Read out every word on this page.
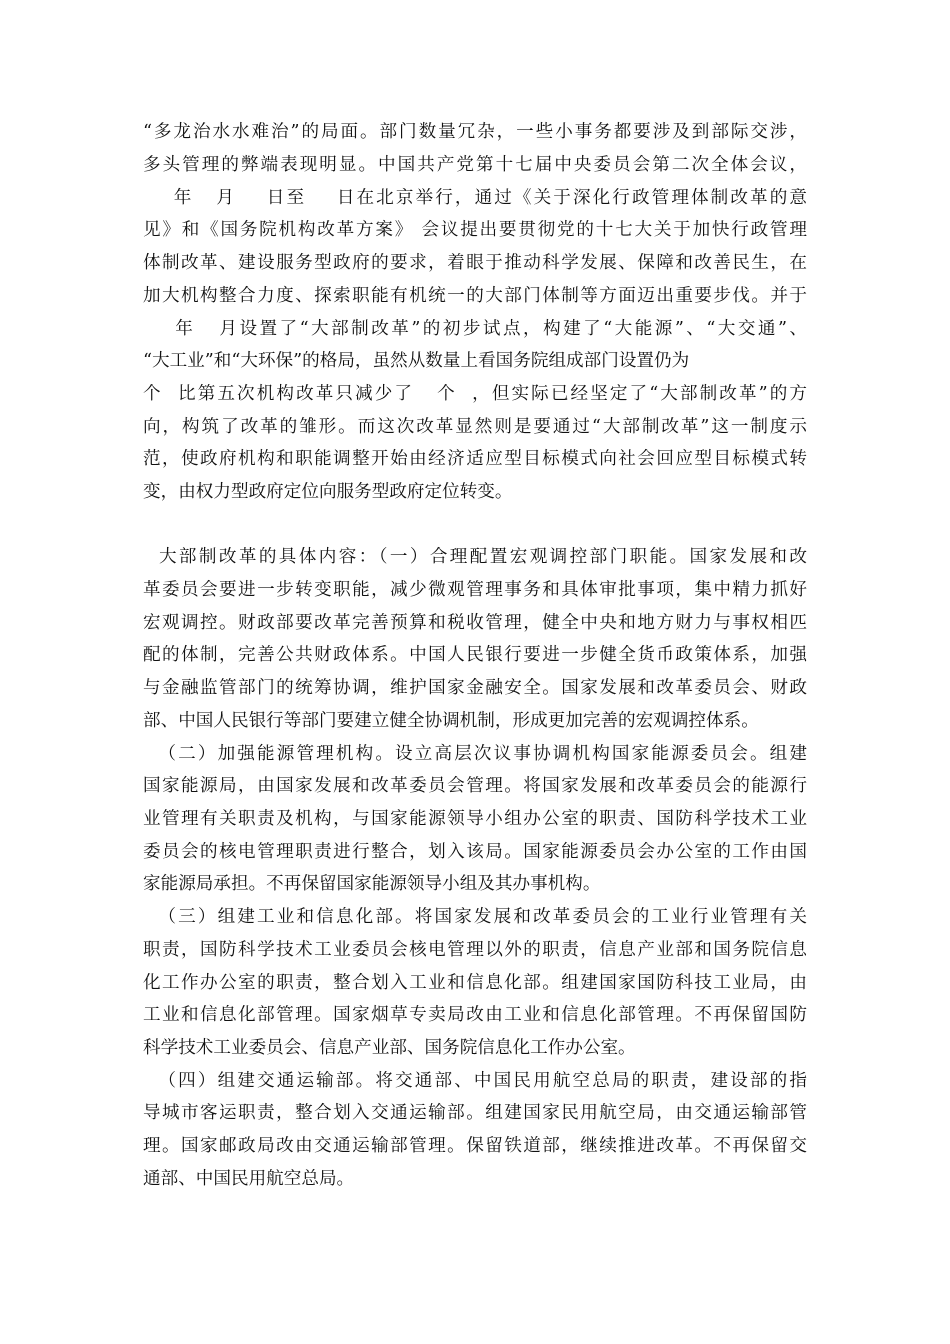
“多龙治水水难治”的局面。部门数量冗杂，一些小事务都要涉及到部际交涉，
多头管理的弊端表现明显。中国共产党第十七届中央委员会第二次全体会议，
年   月    日至    日在北京举行，通过《关于深化行政管理体制改革的意
见》和《国务院机构改革方案》 会议提出要贯彻党的十七大关于加快行政管理
体制改革、建设服务型政府的要求，着眼于推动科学发展、保障和改善民生，在
加大机构整合力度、探索职能有机统一的大部门体制等方面迈出重要步伐。并于
年   月设置了“大部制改革”的初步试点，构建了“大能源”、“大交通”、
“大工业”和“大环保”的格局，虽然从数量上看国务院组成部门设置仍为
个  比第五次机构改革只减少了   个  ，但实际已经坚定了“大部制改革”的方
向，构筑了改革的雏形。而这次改革显然则是要通过“大部制改革”这一制度示
范，使政府机构和职能调整开始由经济适应型目标模式向社会回应型目标模式转
变，由权力型政府定位向服务型政府定位转变。
大部制改革的具体内容：（一）合理配置宏观调控部门职能。国家发展和改
革委员会要进一步转变职能，减少微观管理事务和具体审批事项，集中精力抓好
宏观调控。财政部要改革完善预算和税收管理，健全中央和地方财力与事权相匹
配的体制，完善公共财政体系。中国人民银行要进一步健全货币政策体系，加强
与金融监管部门的统筹协调，维护国家金融安全。国家发展和改革委员会、财政
部、中国人民银行等部门要建立健全协调机制，形成更加完善的宏观调控体系。
（二）加强能源管理机构。设立高层次议事协调机构国家能源委员会。组建
国家能源局，由国家发展和改革委员会管理。将国家发展和改革委员会的能源行
业管理有关职责及机构，与国家能源领导小组办公室的职责、国防科学技术工业
委员会的核电管理职责进行整合，划入该局。国家能源委员会办公室的工作由国
家能源局承担。不再保留国家能源领导小组及其办事机构。
（三）组建工业和信息化部。将国家发展和改革委员会的工业行业管理有关
职责，国防科学技术工业委员会核电管理以外的职责，信息产业部和国务院信息
化工作办公室的职责，整合划入工业和信息化部。组建国家国防科技工业局，由
工业和信息化部管理。国家烟草专卖局改由工业和信息化部管理。不再保留国防
科学技术工业委员会、信息产业部、国务院信息化工作办公室。
（四）组建交通运输部。将交通部、中国民用航空总局的职责，建设部的指
导城市客运职责，整合划入交通运输部。组建国家民用航空局，由交通运输部管
理。国家邮政局改由交通运输部管理。保留铁道部，继续推进改革。不再保留交
通部、中国民用航空总局。
